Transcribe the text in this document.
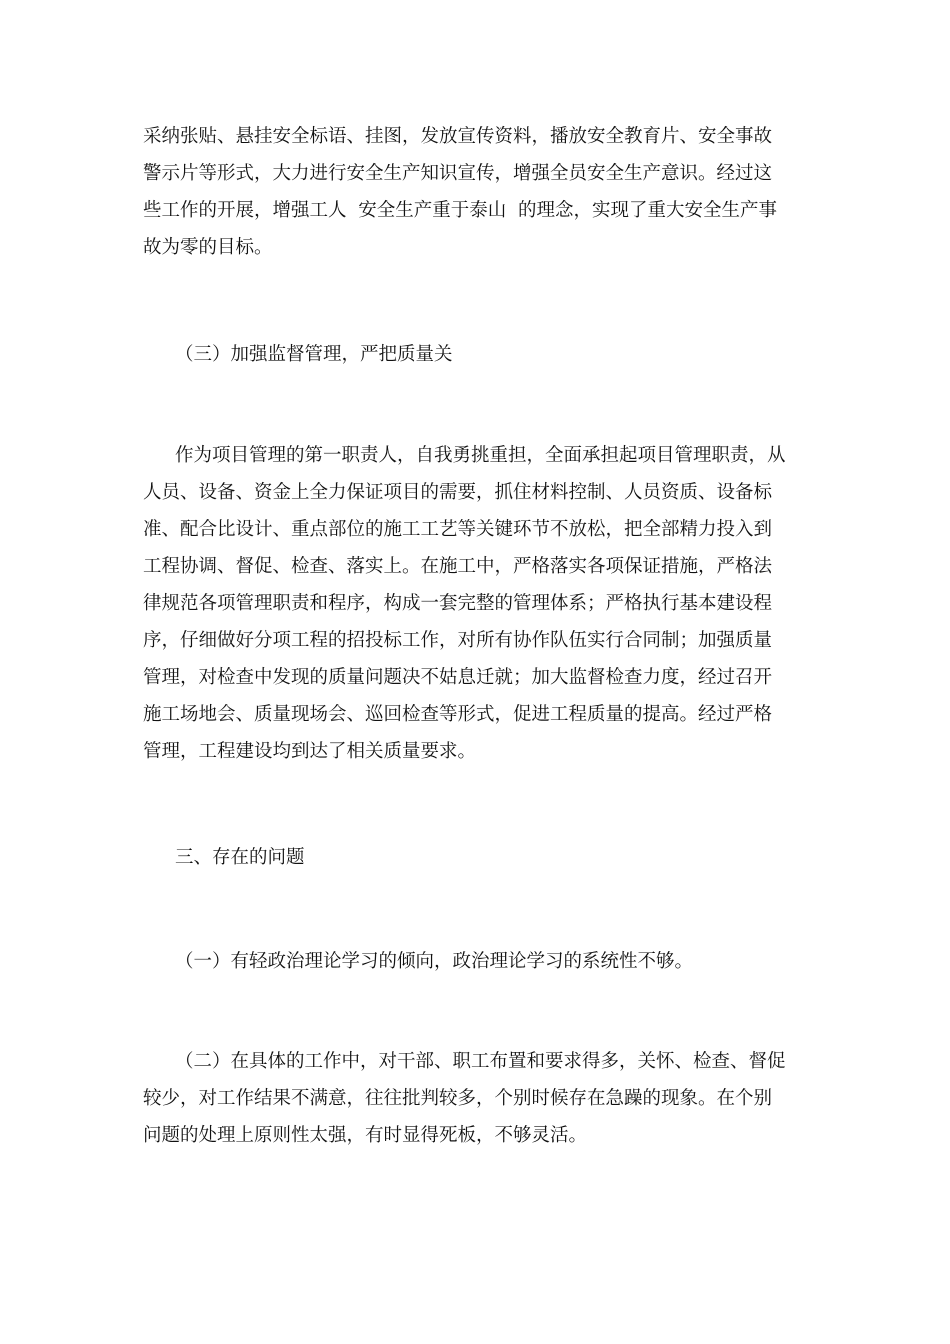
采纳张贴、悬挂安全标语、挂图，发放宣传资料，播放安全教育片、安全事故
警示片等形式，大力进行安全生产知识宣传，增强全员安全生产意识。经过这
些工作的开展，增强工人  安全生产重于泰山  的理念，实现了重大安全生产事
故为零的目标。
（三）加强监督管理，严把质量关
作为项目管理的第一职责人，自我勇挑重担，全面承担起项目管理职责，从
人员、设备、资金上全力保证项目的需要，抓住材料控制、人员资质、设备标
准、配合比设计、重点部位的施工工艺等关键环节不放松，把全部精力投入到
工程协调、督促、检查、落实上。在施工中，严格落实各项保证措施，严格法
律规范各项管理职责和程序，构成一套完整的管理体系；严格执行基本建设程
序，仔细做好分项工程的招投标工作，对所有协作队伍实行合同制；加强质量
管理，对检查中发现的质量问题决不姑息迁就；加大监督检查力度，经过召开
施工场地会、质量现场会、巡回检查等形式，促进工程质量的提高。经过严格
管理，工程建设均到达了相关质量要求。
三、存在的问题
（一）有轻政治理论学习的倾向，政治理论学习的系统性不够。
（二）在具体的工作中，对干部、职工布置和要求得多，关怀、检查、督促
较少，对工作结果不满意，往往批判较多，个别时候存在急躁的现象。在个别
问题的处理上原则性太强，有时显得死板，不够灵活。
